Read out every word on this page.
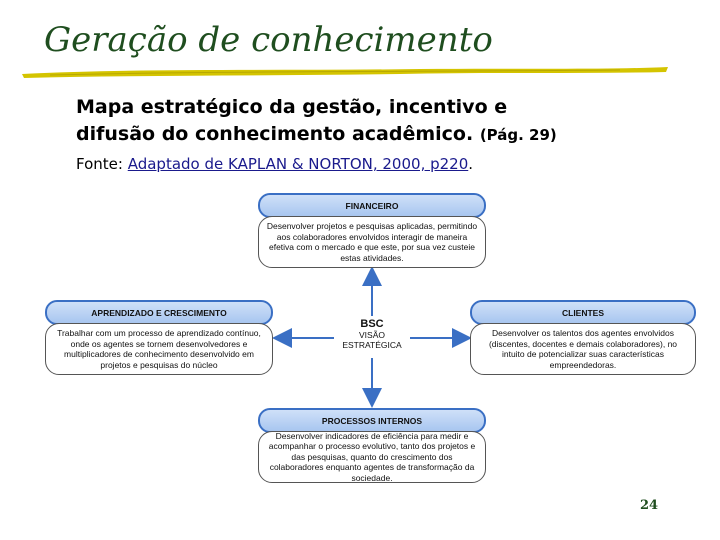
Geração de conhecimento
Mapa estratégico da gestão, incentivo e
difusão do conhecimento acadêmico. (Pág. 29)
Fonte: Adaptado de KAPLAN & NORTON, 2000, p220.
FINANCEIRO
Desenvolver projetos e pesquisas aplicadas, permitindo aos colaboradores envolvidos interagir de maneira efetiva com o mercado e que este, por sua vez custeie estas atividades.
APRENDIZADO E CRESCIMENTO
Trabalhar com um processo de aprendizado contínuo, onde os agentes se tornem desenvolvedores e multiplicadores de conhecimento desenvolvido em projetos e pesquisas do núcleo
CLIENTES
Desenvolver os talentos dos agentes envolvidos (discentes, docentes e demais colaboradores), no intuito de potencializar suas características empreendedoras.
PROCESSOS INTERNOS
Desenvolver indicadores de eficiência para medir e acompanhar o processo evolutivo, tanto dos projetos e das pesquisas, quanto do crescimento dos colaboradores enquanto agentes de transformação da sociedade.
BSC
VISÃO
ESTRATÉGICA
24
